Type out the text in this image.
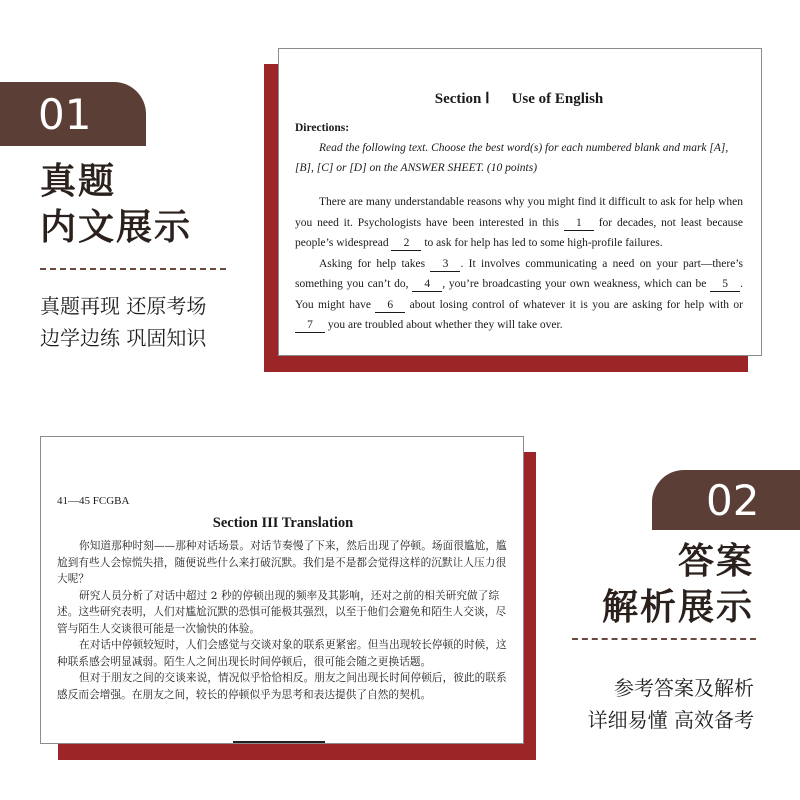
01
真题
内文展示
真题再现 还原考场
边学边练 巩固知识
Section Ⅰ Use of English
Directions:
Read the following text. Choose the best word(s) for each numbered blank and mark [A], [B], [C] or [D] on the ANSWER SHEET. (10 points)

There are many understandable reasons why you might find it difficult to ask for help when you need it. Psychologists have been interested in this 1 for decades, not least because people’s widespread 2 to ask for help has led to some high-profile failures.

Asking for help takes 3 . It involves communicating a need on your part—there’s something you can’t do, 4 , you’re broadcasting your own weakness, which can be 5 . You might have 6 about losing control of whatever it is you are asking for help with or 7 you are troubled about whether they will take over.

41—45 FCGBA
Section III Translation

你知道那种时刻——那种对话场景。对话节奏慢了下来，然后出现了停顿。场面很尴尬，尴尬到有些人会惊慌失措，随便说些什么来打破沉默。我们是不是都会觉得这样的沉默让人压力很大呢？

研究人员分析了对话中超过 2 秒的停顿出现的频率及其影响，还对之前的相关研究做了综述。这些研究表明，人们对尴尬沉默的恐惧可能极其强烈，以至于他们会避免和陌生人交谈，尽管与陌生人交谈很可能是一次愉快的体验。

在对话中停顿较短时，人们会感觉与交谈对象的联系更紧密。但当出现较长停顿的时候，这种联系感会明显减弱。陌生人之间出现长时间停顿后，很可能会随之更换话题。

但对于朋友之间的交谈来说，情况似乎恰恰相反。朋友之间出现长时间停顿后，彼此的联系感反而会增强。在朋友之间，较长的停顿似乎为思考和表达提供了自然的契机。

02
答案
解析展示
参考答案及解析
详细易懂 高效备考
